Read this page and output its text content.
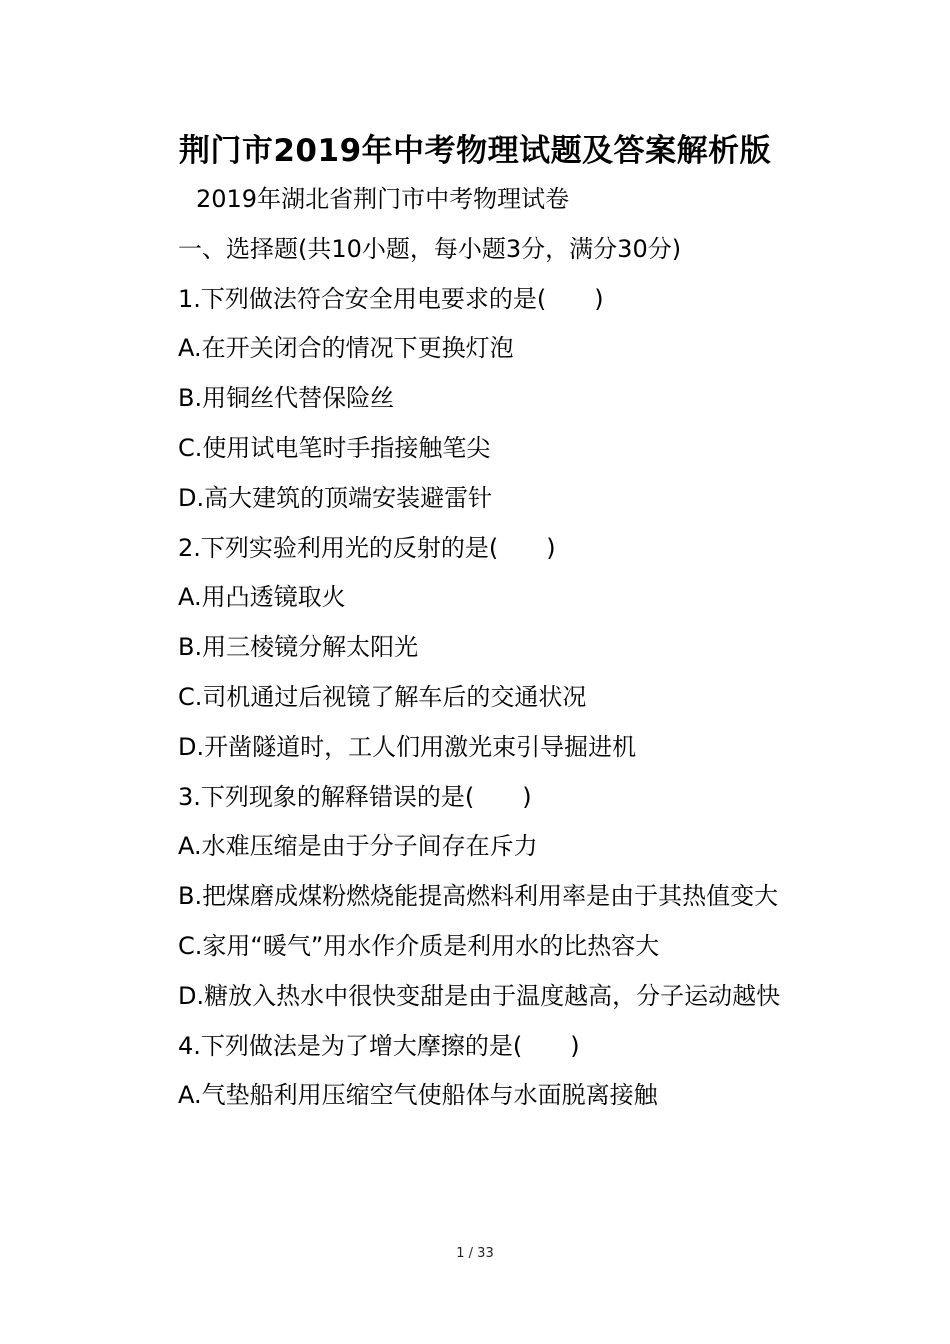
荆门市2019年中考物理试题及答案解析版

2019年湖北省荆门市中考物理试卷

一、选择题(共10小题，每小题3分，满分30分)

1.下列做法符合安全用电要求的是(　　)

A.在开关闭合的情况下更换灯泡

B.用铜丝代替保险丝

C.使用试电笔时手指接触笔尖

D.高大建筑的顶端安装避雷针

2.下列实验利用光的反射的是(　　)

A.用凸透镜取火

B.用三棱镜分解太阳光

C.司机通过后视镜了解车后的交通状况

D.开凿隧道时，工人们用激光束引导掘进机

3.下列现象的解释错误的是(　　)

A.水难压缩是由于分子间存在斥力

B.把煤磨成煤粉燃烧能提高燃料利用率是由于其热值变大

C.家用“暖气”用水作介质是利用水的比热容大

D.糖放入热水中很快变甜是由于温度越高，分子运动越快

4.下列做法是为了增大摩擦的是(　　)

A.气垫船利用压缩空气使船体与水面脱离接触

1 / 33
